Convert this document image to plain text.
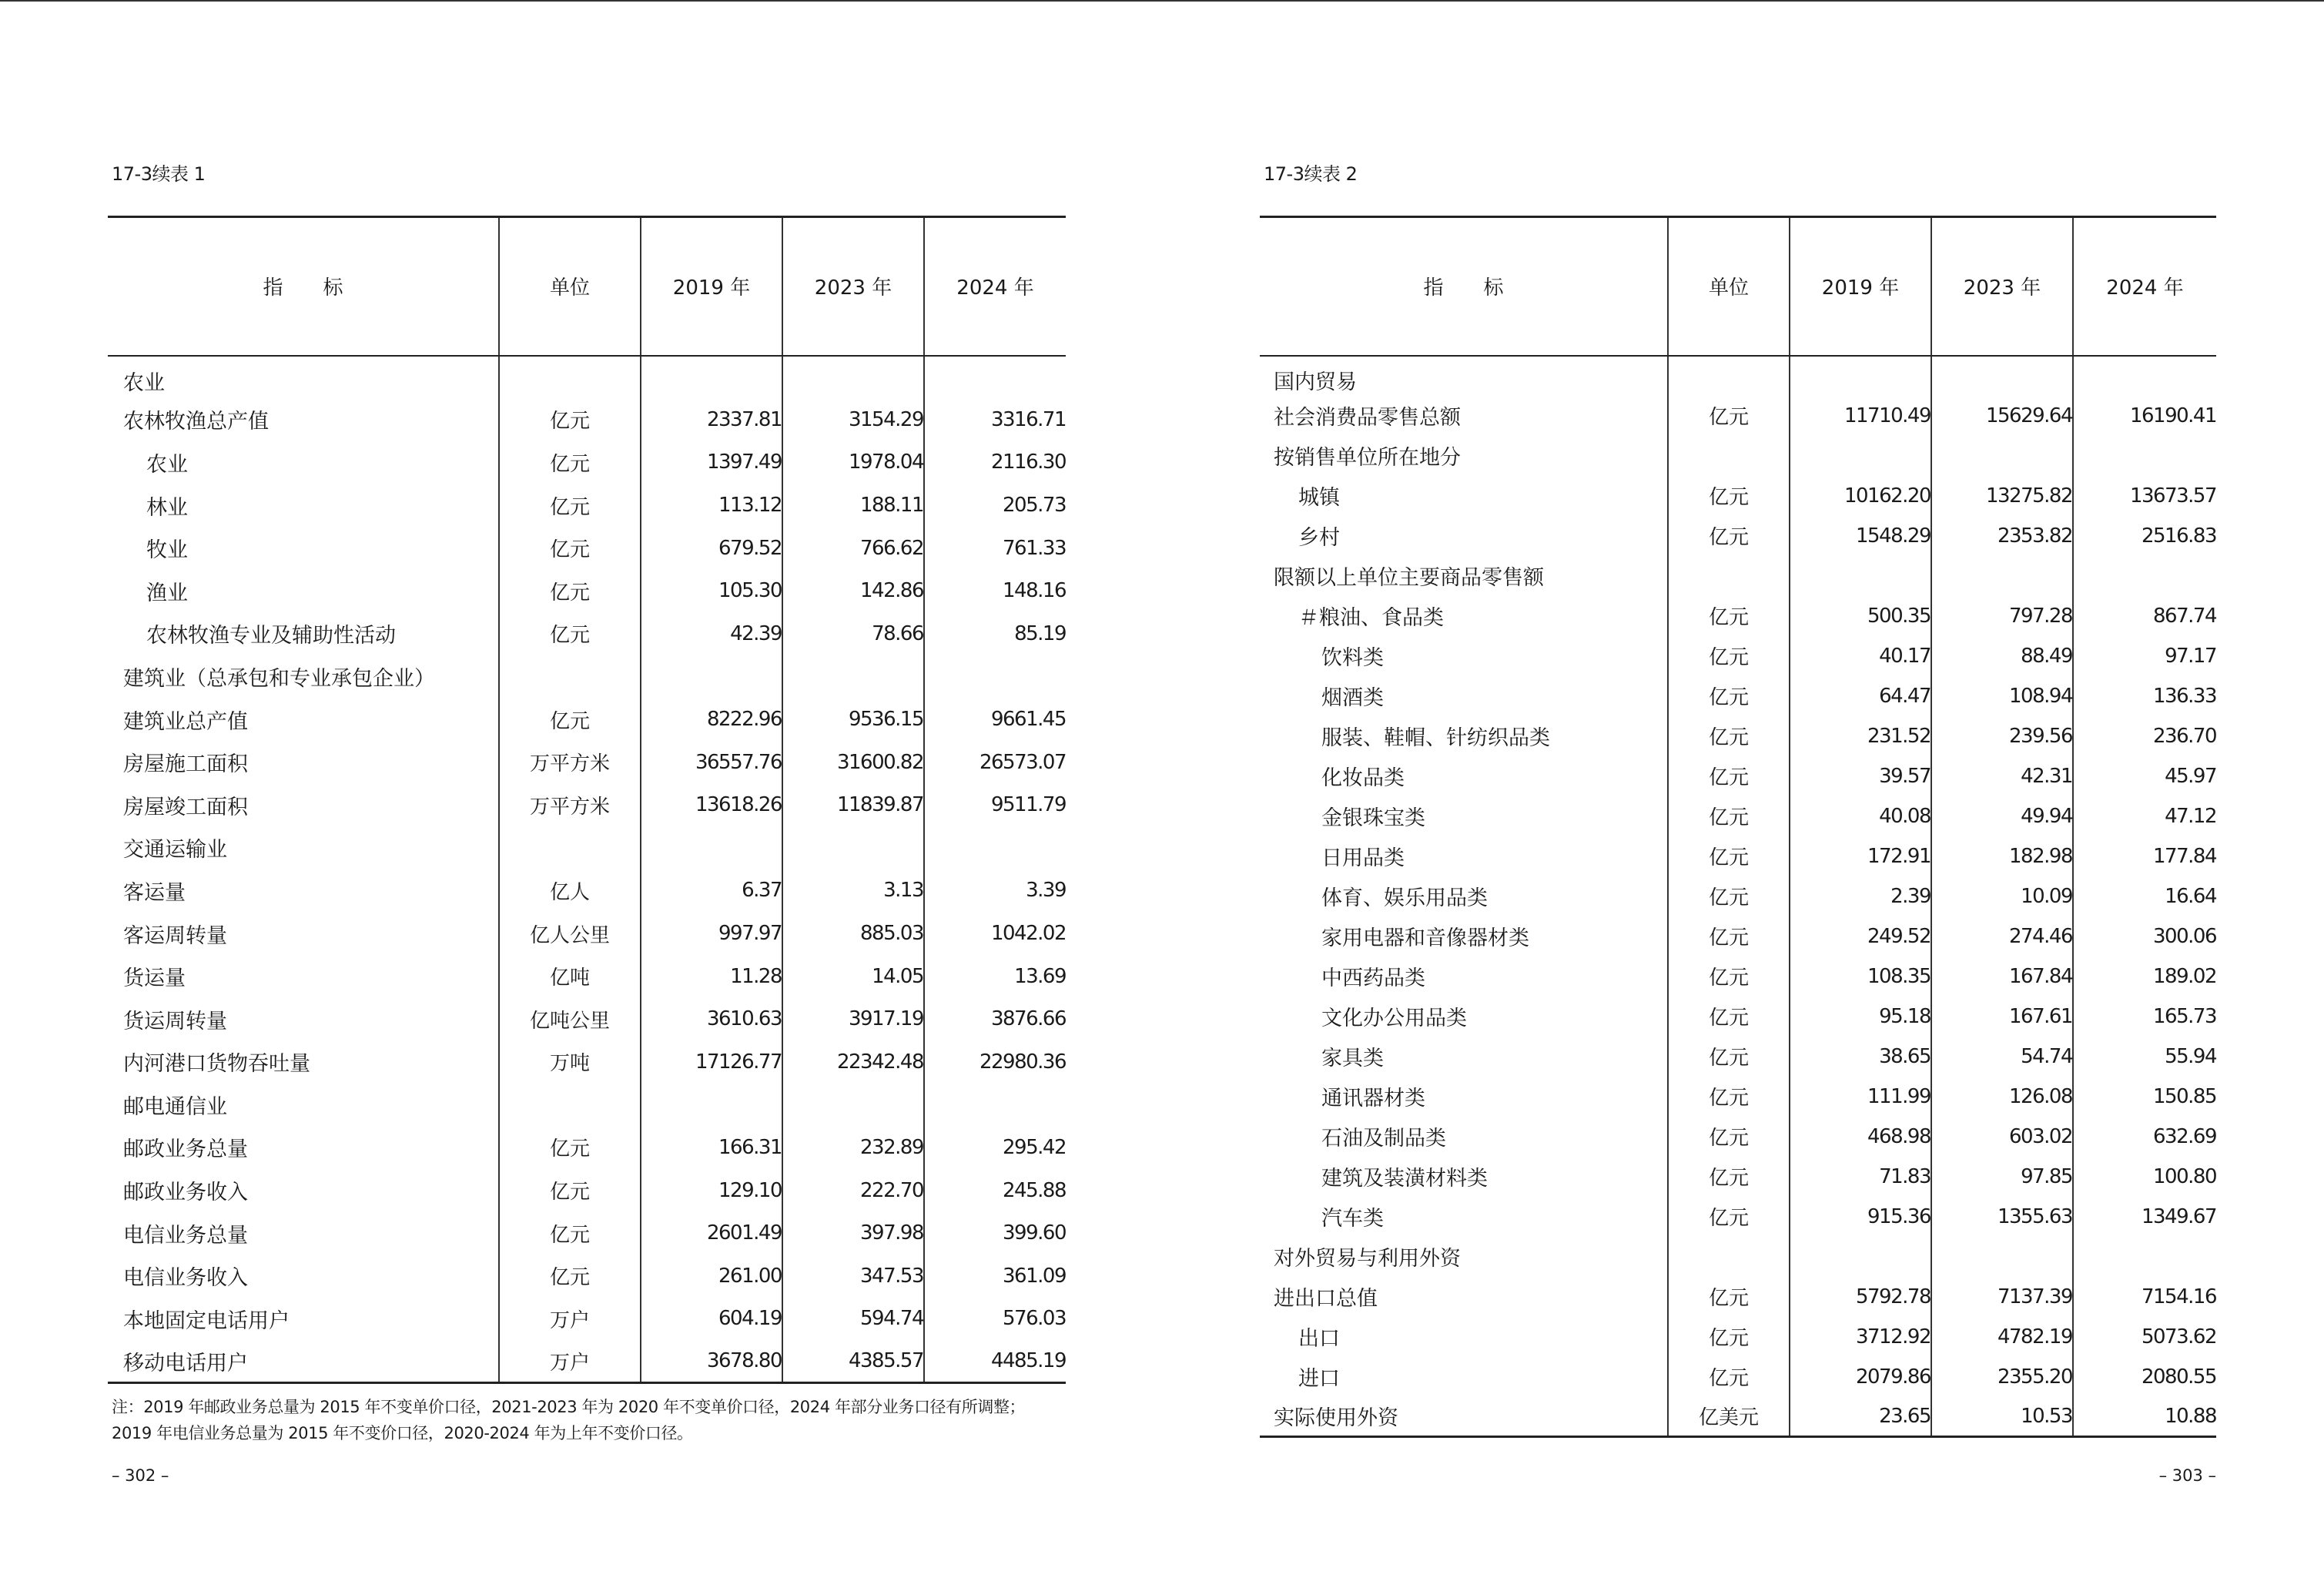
17-3续表 1
指　　标	单位	2019 年	2023 年	2024 年
农业				
农林牧渔总产值	亿元	2337.81	3154.29	3316.71
农业	亿元	1397.49	1978.04	2116.30
林业	亿元	113.12	188.11	205.73
牧业	亿元	679.52	766.62	761.33
渔业	亿元	105.30	142.86	148.16
农林牧渔专业及辅助性活动	亿元	42.39	78.66	85.19
建筑业（总承包和专业承包企业）				
建筑业总产值	亿元	8222.96	9536.15	9661.45
房屋施工面积	万平方米	36557.76	31600.82	26573.07
房屋竣工面积	万平方米	13618.26	11839.87	9511.79
交通运输业				
客运量	亿人	6.37	3.13	3.39
客运周转量	亿人公里	997.97	885.03	1042.02
货运量	亿吨	11.28	14.05	13.69
货运周转量	亿吨公里	3610.63	3917.19	3876.66
内河港口货物吞吐量	万吨	17126.77	22342.48	22980.36
邮电通信业				
邮政业务总量	亿元	166.31	232.89	295.42
邮政业务收入	亿元	129.10	222.70	245.88
电信业务总量	亿元	2601.49	397.98	399.60
电信业务收入	亿元	261.00	347.53	361.09
本地固定电话用户	万户	604.19	594.74	576.03
移动电话用户	万户	3678.80	4385.57	4485.19
注：2019 年邮政业务总量为 2015 年不变单价口径，2021-2023 年为 2020 年不变单价口径，2024 年部分业务口径有所调整；
2019 年电信业务总量为 2015 年不变价口径，2020-2024 年为上年不变价口径。
– 302 –
17-3续表 2
指　　标	单位	2019 年	2023 年	2024 年
国内贸易				
社会消费品零售总额	亿元	11710.49	15629.64	16190.41
按销售单位所在地分				
城镇	亿元	10162.20	13275.82	13673.57
乡村	亿元	1548.29	2353.82	2516.83
限额以上单位主要商品零售额				
＃粮油、食品类	亿元	500.35	797.28	867.74
饮料类	亿元	40.17	88.49	97.17
烟酒类	亿元	64.47	108.94	136.33
服装、鞋帽、针纺织品类	亿元	231.52	239.56	236.70
化妆品类	亿元	39.57	42.31	45.97
金银珠宝类	亿元	40.08	49.94	47.12
日用品类	亿元	172.91	182.98	177.84
体育、娱乐用品类	亿元	2.39	10.09	16.64
家用电器和音像器材类	亿元	249.52	274.46	300.06
中西药品类	亿元	108.35	167.84	189.02
文化办公用品类	亿元	95.18	167.61	165.73
家具类	亿元	38.65	54.74	55.94
通讯器材类	亿元	111.99	126.08	150.85
石油及制品类	亿元	468.98	603.02	632.69
建筑及装潢材料类	亿元	71.83	97.85	100.80
汽车类	亿元	915.36	1355.63	1349.67
对外贸易与利用外资				
进出口总值	亿元	5792.78	7137.39	7154.16
出口	亿元	3712.92	4782.19	5073.62
进口	亿元	2079.86	2355.20	2080.55
实际使用外资	亿美元	23.65	10.53	10.88
– 303 –
